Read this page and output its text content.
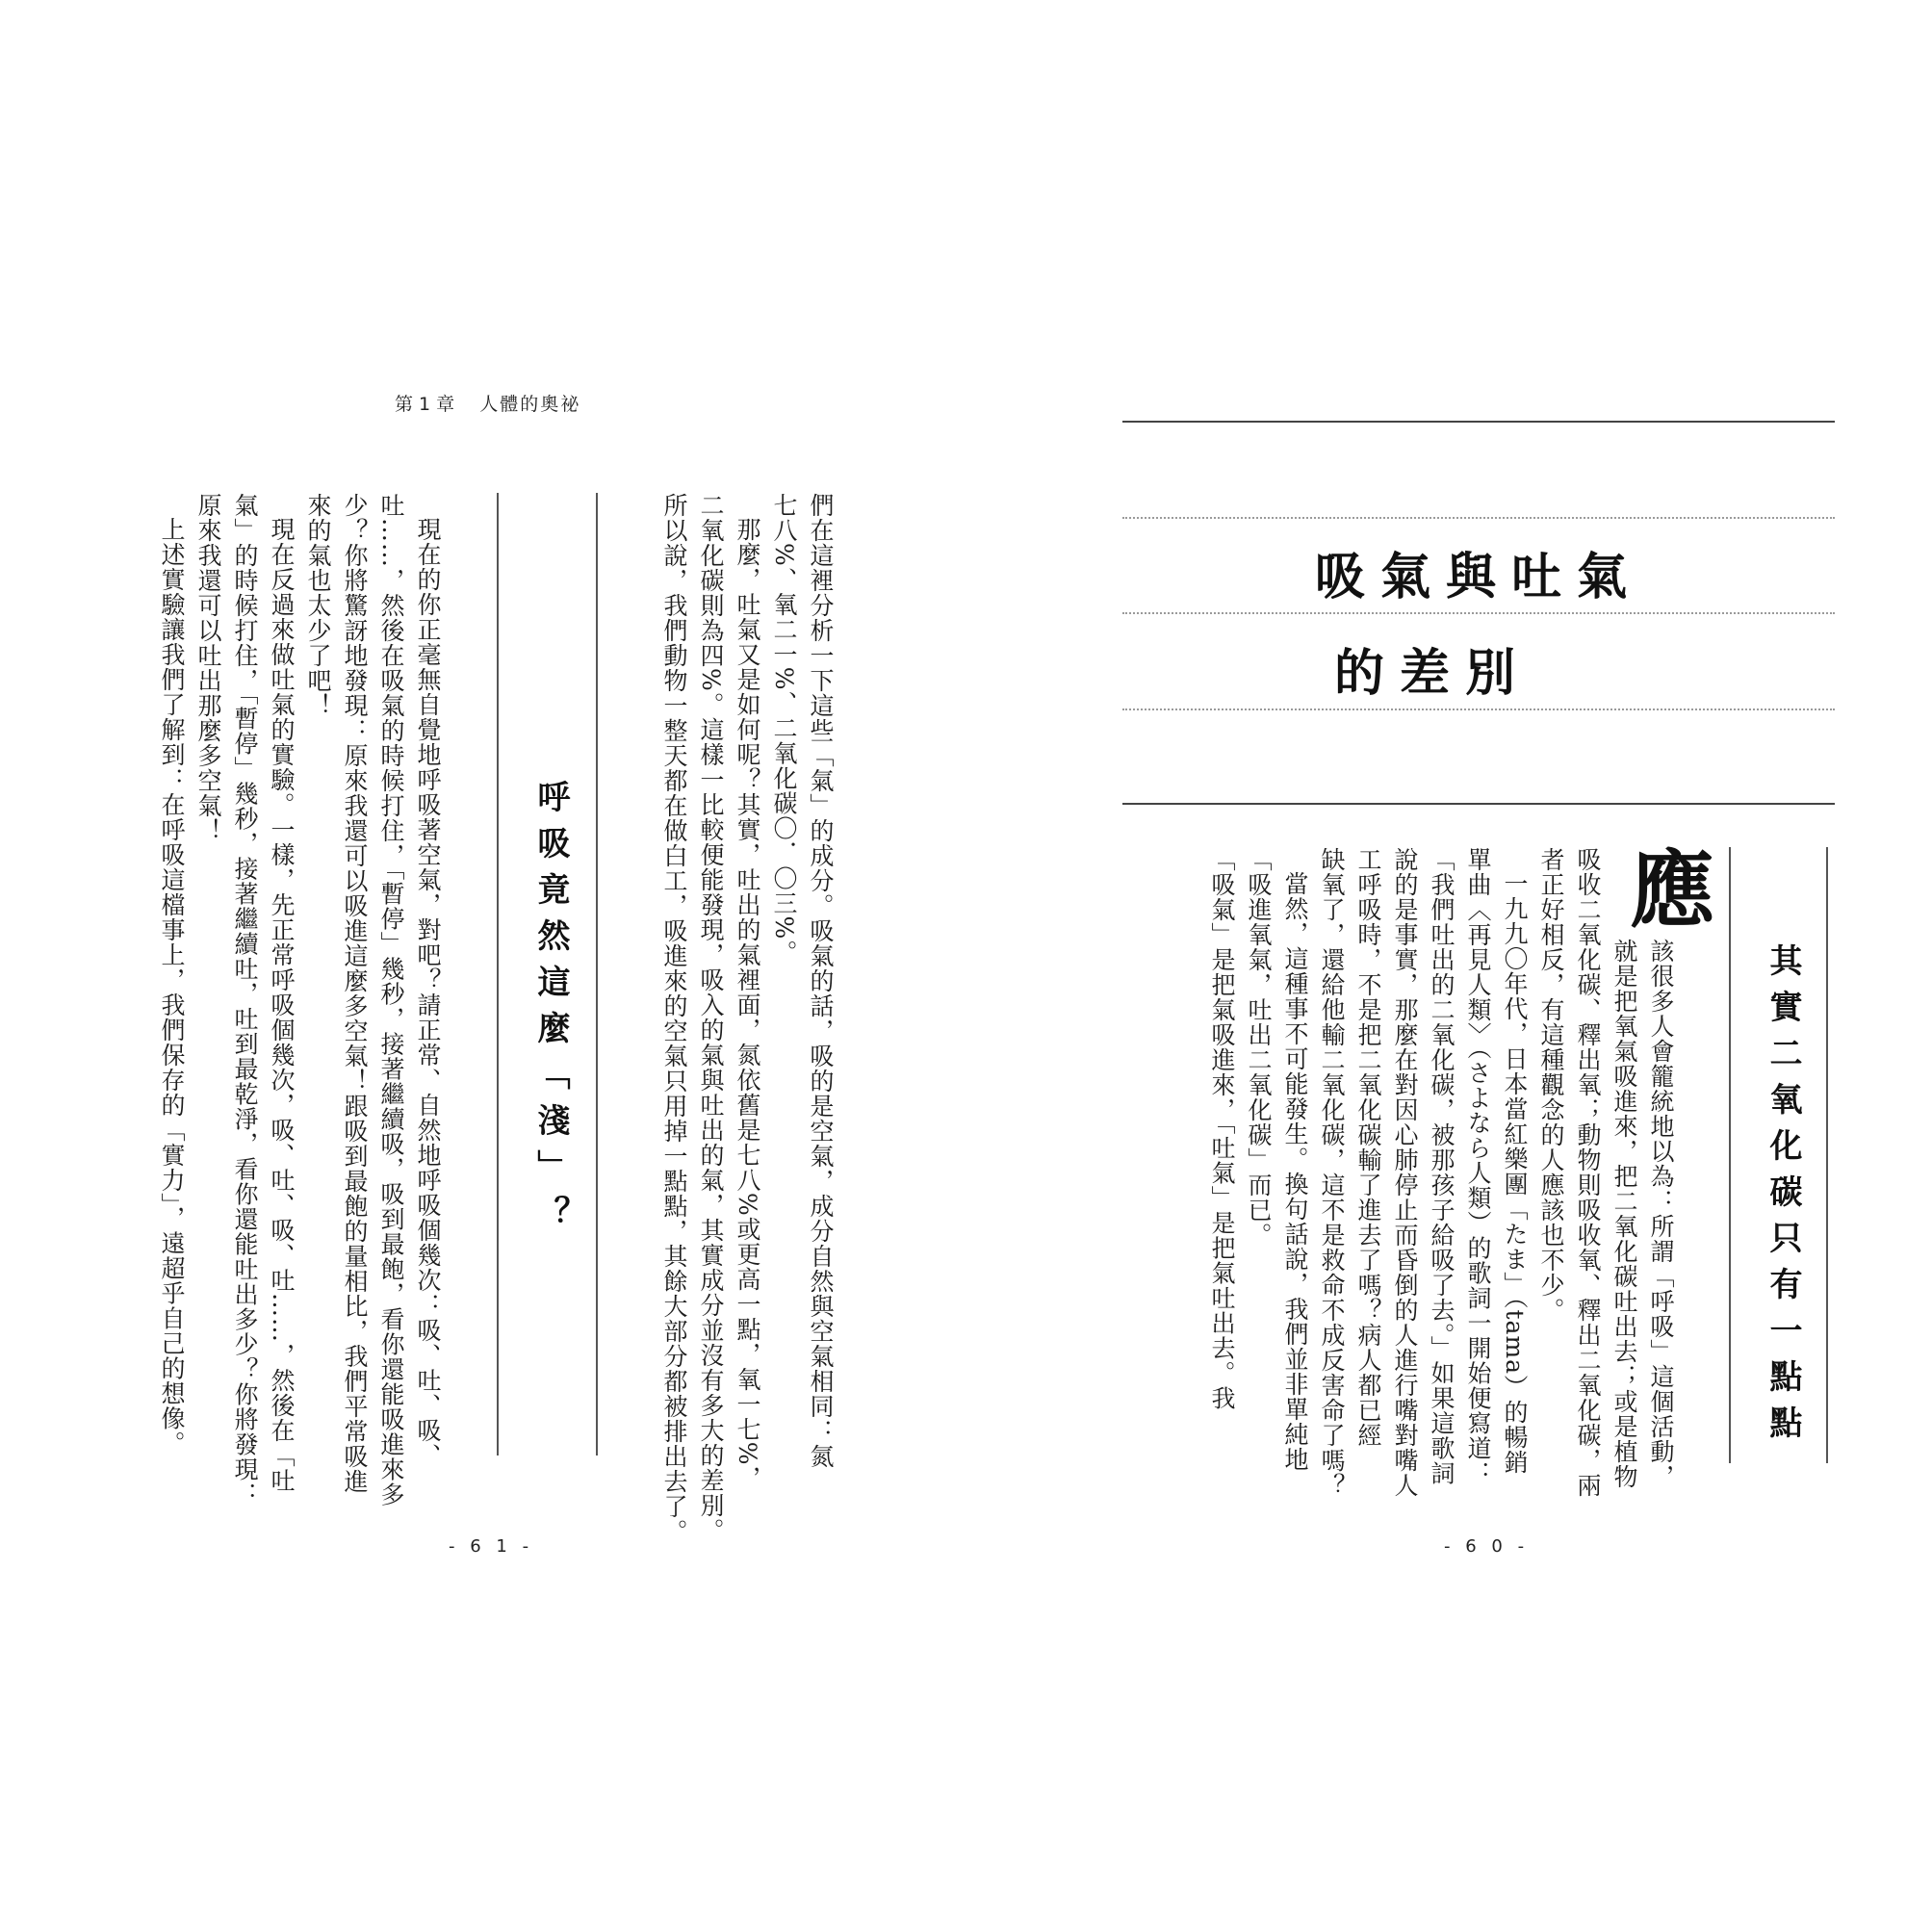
第 1 章 人體的奧祕
們在這裡分析一下這些「氣」的成分。吸氣的話，吸的是空氣，成分自然與空氣相同：氮
七八%、氧二一%、二氧化碳〇．〇三%。
那麼，吐氣又是如何呢？其實，吐出的氣裡面，氮依舊是七八%或更高一點，氧一七%，
二氧化碳則為四%。這樣一比較便能發現，吸入的氣與吐出的氣，其實成分並沒有多大的差別。
所以說，我們動物一整天都在做白工，吸進來的空氣只用掉一點點，其餘大部分都被排出去了。
呼吸竟然這麼「淺」？
現在的你正毫無自覺地呼吸著空氣，對吧？請正常、自然地呼吸個幾次：吸、吐、吸、
吐……，然後在吸氣的時候打住，「暫停」幾秒，接著繼續吸，吸到最飽，看你還能吸進來多
少？你將驚訝地發現：原來我還可以吸進這麼多空氣！跟吸到最飽的量相比，我們平常吸進
來的氣也太少了吧！
現在反過來做吐氣的實驗。一樣，先正常呼吸個幾次，吸、吐、吸、吐……，然後在「吐
氣」的時候打住，「暫停」幾秒，接著繼續吐，吐到最乾淨，看你還能吐出多少？你將發現：
原來我還可以吐出那麼多空氣！
上述實驗讓我們了解到：在呼吸這檔事上，我們保存的「實力」，遠超乎自己的想像。
- 6 1 -
吸氣與吐氣
的差別
其實二氧化碳只有一點點
應
該很多人會籠統地以為：所謂「呼吸」這個活動，
就是把氧氣吸進來，把二氧化碳吐出去；或是植物
吸收二氧化碳、釋出氧；動物則吸收氧、釋出二氧化碳，兩
者正好相反，有這種觀念的人應該也不少。
一九九〇年代，日本當紅樂團「たま」（tama）的暢銷
單曲〈再見人類〉（さよなら人類）的歌詞一開始便寫道：
「我們吐出的二氧化碳，被那孩子給吸了去。」如果這歌詞
說的是事實，那麼在對因心肺停止而昏倒的人進行嘴對嘴人
工呼吸時，不是把二氧化碳輸了進去了嗎？病人都已經
缺氧了，還給他輸二氧化碳，這不是救命不成反害命了嗎？
當然，這種事不可能發生。換句話說，我們並非單純地
「吸進氧氣，吐出二氧化碳」而已。
「吸氣」是把氣吸進來，「吐氣」是把氣吐出去。我
- 6 0 -
